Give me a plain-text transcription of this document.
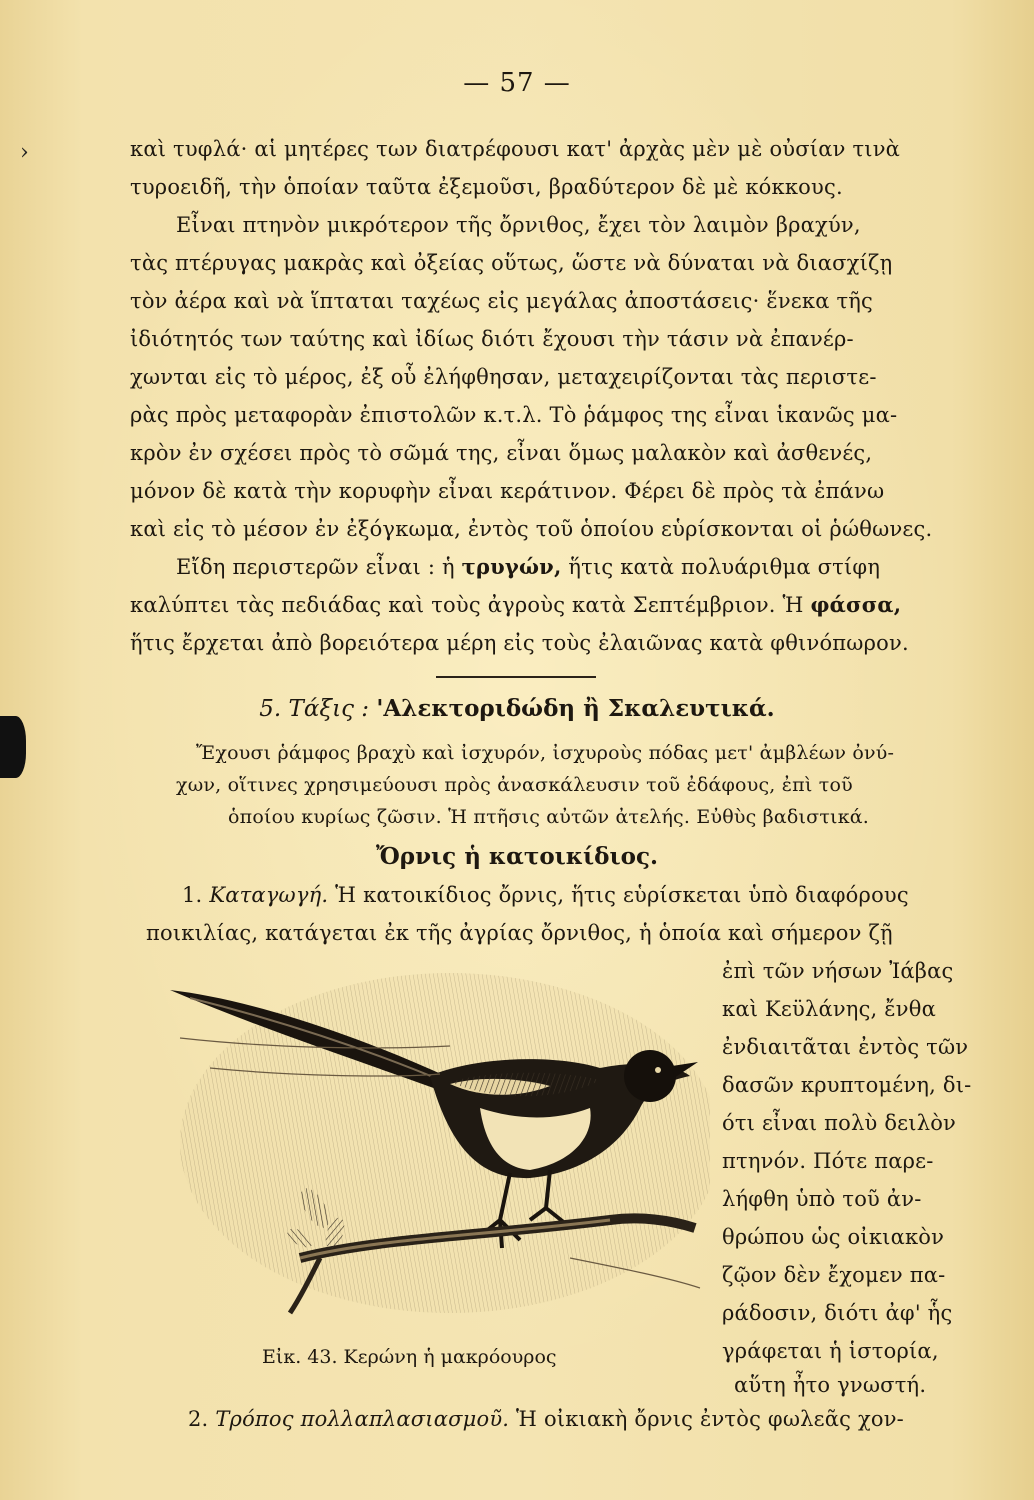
›
— 57 —
καὶ τυφλά· αἱ μητέρες των διατρέφουσι κατ' ἀρχὰς μὲν μὲ οὐσίαν τινὰ
τυροειδῆ, τὴν ὁποίαν ταῦτα ἐξεμοῦσι, βραδύτερον δὲ μὲ κόκκους.
Εἶναι πτηνὸν μικρότερον τῆς ὄρνιθος, ἔχει τὸν λαιμὸν βραχύν,
τὰς πτέρυγας μακρὰς καὶ ὀξείας οὕτως, ὥστε νὰ δύναται νὰ διασχίζῃ
τὸν ἀέρα καὶ νὰ ἵπταται ταχέως εἰς μεγάλας ἀποστάσεις· ἕνεκα τῆς
ἰδιότητός των ταύτης καὶ ἰδίως διότι ἔχουσι τὴν τάσιν νὰ ἐπανέρ-
χωνται εἰς τὸ μέρος, ἐξ οὗ ἐλήφθησαν, μεταχειρίζονται τὰς περιστε-
ρὰς πρὸς μεταφορὰν ἐπιστολῶν κ.τ.λ. Τὸ ῥάμφος της εἶναι ἱκανῶς μα-
κρὸν ἐν σχέσει πρὸς τὸ σῶμά της, εἶναι ὅμως μαλακὸν καὶ ἀσθενές,
μόνον δὲ κατὰ τὴν κορυφὴν εἶναι κεράτινον. Φέρει δὲ πρὸς τὰ ἐπάνω
καὶ εἰς τὸ μέσον ἐν ἐξόγκωμα, ἐντὸς τοῦ ὁποίου εὑρίσκονται οἱ ῥώθωνες.
Εἴδη περιστερῶν εἶναι : ἡ τρυγών, ἥτις κατὰ πολυάριθμα στίφη
καλύπτει τὰς πεδιάδας καὶ τοὺς ἀγροὺς κατὰ Σεπτέμβριον. Ἡ φάσσα,
ἥτις ἔρχεται ἀπὸ βορειότερα μέρη εἰς τοὺς ἐλαιῶνας κατὰ φθινόπωρον.
5. Τάξις : 'Αλεκτοριδώδη ἢ Σκαλευτικά.
Ἔχουσι ῥάμφος βραχὺ καὶ ἰσχυρόν, ἰσχυροὺς πόδας μετ' ἀμβλέων ὀνύ-
χων, οἵτινες χρησιμεύουσι πρὸς ἀνασκάλευσιν τοῦ ἐδάφους, ἐπὶ τοῦ
ὁποίου κυρίως ζῶσιν. Ἡ πτῆσις αὐτῶν ἀτελής. Εὐθὺς βαδιστικά.
Ὄρνις ἡ κατοικίδιος.
1. Καταγωγή. Ἡ κατοικίδιος ὄρνις, ἥτις εὑρίσκεται ὑπὸ διαφόρους
ποικιλίας, κατάγεται ἐκ τῆς ἀγρίας ὄρνιθος, ἡ ὁποία καὶ σήμερον ζῇ
ἐπὶ τῶν νήσων Ἰάβας
καὶ Κεϋλάνης, ἔνθα
ἐνδιαιτᾶται ἐντὸς τῶν
δασῶν κρυπτομένη, δι-
ότι εἶναι πολὺ δειλὸν
πτηνόν. Πότε παρε-
λήφθη ὑπὸ τοῦ ἀν-
θρώπου ὡς οἰκιακὸν
ζῷον δὲν ἔχομεν πα-
ράδοσιν, διότι ἀφ' ἧς
γράφεται ἡ ἱστορία,
αὕτη ἦτο γνωστή.
Εἰκ. 43. Κερώνη ἡ μακρόουρος
2. Τρόπος πολλαπλασιασμοῦ. Ἡ οἰκιακὴ ὄρνις ἐντὸς φωλεᾶς χον-
